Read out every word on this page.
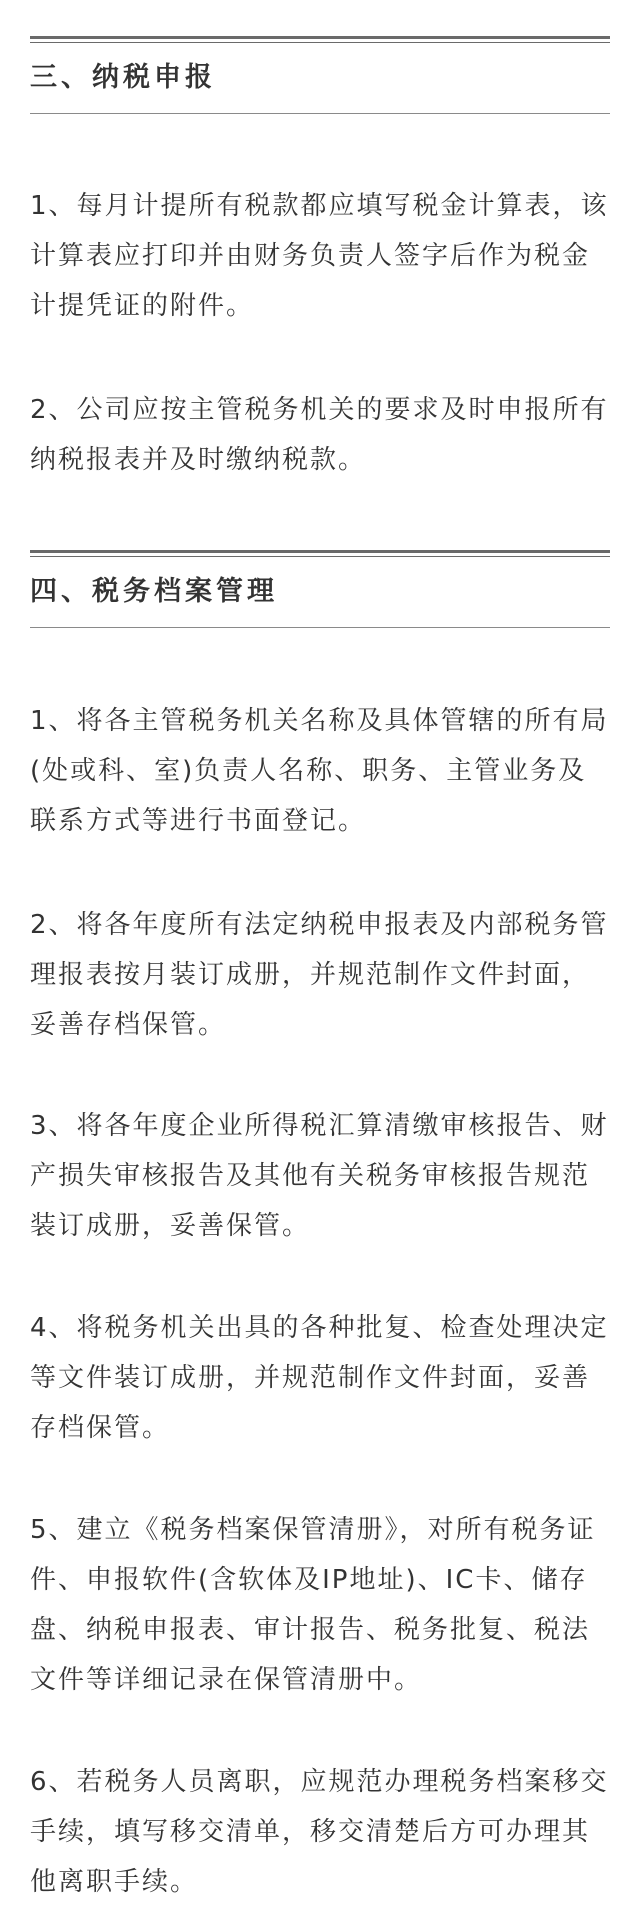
三、纳税申报

1、每月计提所有税款都应填写税金计算表，该计算表应打印并由财务负责人签字后作为税金计提凭证的附件。

2、公司应按主管税务机关的要求及时申报所有纳税报表并及时缴纳税款。

四、税务档案管理

1、将各主管税务机关名称及具体管辖的所有局(处或科、室)负责人名称、职务、主管业务及联系方式等进行书面登记。

2、将各年度所有法定纳税申报表及内部税务管理报表按月装订成册，并规范制作文件封面，妥善存档保管。

3、将各年度企业所得税汇算清缴审核报告、财产损失审核报告及其他有关税务审核报告规范装订成册，妥善保管。

4、将税务机关出具的各种批复、检查处理决定等文件装订成册，并规范制作文件封面，妥善存档保管。

5、建立《税务档案保管清册》，对所有税务证件、申报软件(含软体及IP地址)、IC卡、储存盘、纳税申报表、审计报告、税务批复、税法文件等详细记录在保管清册中。

6、若税务人员离职，应规范办理税务档案移交手续，填写移交清单，移交清楚后方可办理其他离职手续。
